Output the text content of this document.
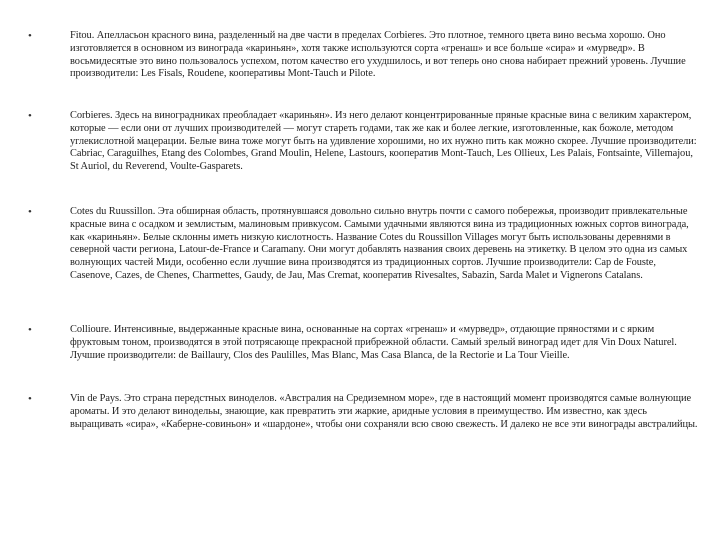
•	Fitou. Апелласьон красного вина, разделенный на две части в пределах Corbieres. Это плотное, темного цвета вино весьма хорошо. Оно изготовляется в основном из винограда «кариньян», хотя также используются сорта «гренаш» и все больше «сира» и «мурведр». В восьмидесятые это вино пользовалось успехом, потом качество его ухудшилось, и вот теперь оно снова набирает прежний уровень. Лучшие производители: Les Fisals, Roudene, кооперативы Mont-Tauch и Pilote.

•	Corbieres. Здесь на виноградниках преобладает «кариньян». Из него делают концентрированные пряные красные вина с великим характером, которые — если они от лучших производителей — могут стареть годами, так же как и более легкие, изготовленные, как божоле, методом углекислотной мацерации. Белые вина тоже могут быть на удивление хорошими, но их нужно пить как можно скорее. Лучшие производители: Cabriac, Caraguilhes, Etang des Colombes, Grand Moulin, Helene, Lastours, кооператив Mont-Tauch, Les Ollieux, Les Palais, Fontsainte, Villemajou, St Auriol, du Reverend, Voulte-Gasparets.

•	Cotes du Ruussillon. Эта обширная область, протянувшаяся довольно сильно внутрь почти с самого побережья, производит привлекательные красные вина с осадком и землистым, малиновым привкусом. Самыми удачными являются вина из традиционных южных сортов винограда, как «кариньян». Белые склонны иметь низкую кислотность. Название Cotes du Roussillon Villages могут быть использованы деревнями в северной части региона, Latour-de-France и Caramany. Они могут добавлять названия своих деревень на этикетку. В целом это одна из самых волнующих частей Миди, особенно если лучшие вина производятся из традиционных сортов. Лучшие производители: Cap de Fouste, Casenove, Cazes, de Chenes, Charmettes, Gaudy, de Jau, Mas Cremat, кооператив Rivesaltes, Sabazin, Sarda Malet и Vignerons Catalans.

•	Collioure. Интенсивные, выдержанные красные вина, основанные на сортах «гренаш» и «мурведр», отдающие пряностями и с ярким фруктовым тоном, производятся в этой потрясающе прекрасной прибрежной области. Самый зрелый виноград идет для Vin Doux Naturel. Лучшие производители: de Baillaury, Clos des Paulilles, Mas Blanc, Mas Casa Blanca, de la Rectorie и La Tour Vieille.

•	Vin de Pays. Это страна передстных виноделов. «Австралия на Средиземном море», где в настоящий момент производятся самые волнующие ароматы. И это делают винодельы, знающие, как превратить эти жаркие, аридные условия в преимущество. Им известно, как здесь выращивать «сира», «Каберне-совиньон» и «шардоне», чтобы они сохраняли всю свою свежесть. И далеко не все эти винограды австралийцы.
